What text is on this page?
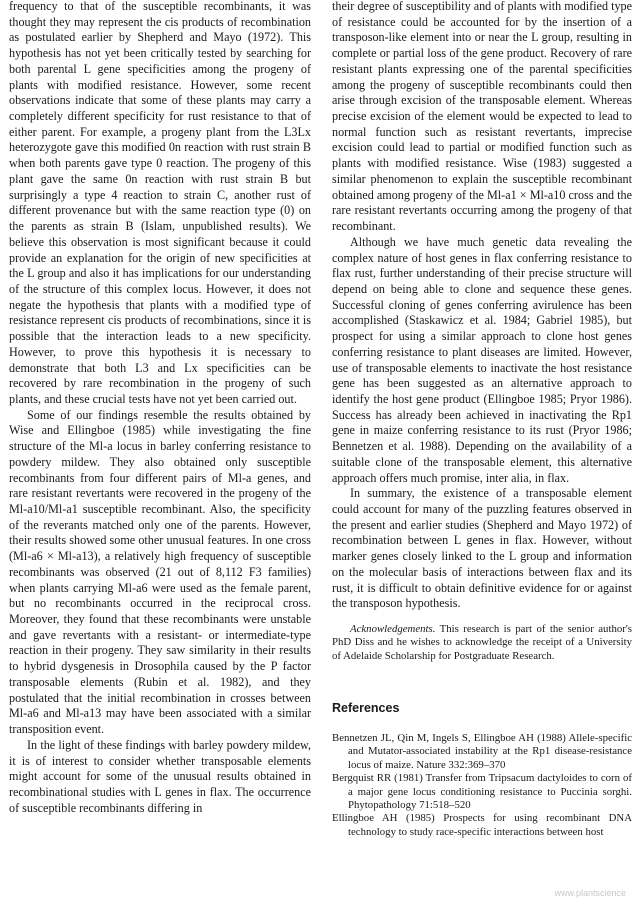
frequency to that of the susceptible recombinants, it was thought they may represent the cis products of recombination as postulated earlier by Shepherd and Mayo (1972). This hypothesis has not yet been critically tested by searching for both parental L gene specificities among the progeny of plants with modified resistance. However, some recent observations indicate that some of these plants may carry a completely different specificity for rust resistance to that of either parent. For example, a progeny plant from the L3Lx heterozygote gave this modified 0n reaction with rust strain B when both parents gave type 0 reaction. The progeny of this plant gave the same 0n reaction with rust strain B but surprisingly a type 4 reaction to strain C, another rust of different provenance but with the same reaction type (0) on the parents as strain B (Islam, unpublished results). We believe this observation is most significant because it could provide an explanation for the origin of new specificities at the L group and also it has implications for our understanding of the structure of this complex locus. However, it does not negate the hypothesis that plants with a modified type of resistance represent cis products of recombinations, since it is possible that the interaction leads to a new specificity. However, to prove this hypothesis it is necessary to demonstrate that both L3 and Lx specificities can be recovered by rare recombination in the progeny of such plants, and these crucial tests have not yet been carried out.

Some of our findings resemble the results obtained by Wise and Ellingboe (1985) while investigating the fine structure of the Ml-a locus in barley conferring resistance to powdery mildew. They also obtained only susceptible recombinants from four different pairs of Ml-a genes, and rare resistant revertants were recovered in the progeny of the Ml-a10/Ml-a1 susceptible recombinant. Also, the specificity of the reverants matched only one of the parents. However, their results showed some other unusual features. In one cross (Ml-a6 × Ml-a13), a relatively high frequency of susceptible recombinants was observed (21 out of 8,112 F3 families) when plants carrying Ml-a6 were used as the female parent, but no recombinants occurred in the reciprocal cross. Moreover, they found that these recombinants were unstable and gave revertants with a resistant- or intermediate-type reaction in their progeny. They saw similarity in their results to hybrid dysgenesis in Drosophila caused by the P factor transposable elements (Rubin et al. 1982), and they postulated that the initial recombination in crosses between Ml-a6 and Ml-a13 may have been associated with a similar transposition event.

In the light of these findings with barley powdery mildew, it is of interest to consider whether transposable elements might account for some of the unusual results obtained in recombinational studies with L genes in flax. The occurrence of susceptible recombinants differing in

their degree of susceptibility and of plants with modified type of resistance could be accounted for by the insertion of a transposon-like element into or near the L group, resulting in complete or partial loss of the gene product. Recovery of rare resistant plants expressing one of the parental specificities among the progeny of susceptible recombinants could then arise through excision of the transposable element. Whereas precise excision of the element would be expected to lead to normal function such as resistant revertants, imprecise excision could lead to partial or modified function such as plants with modified resistance. Wise (1983) suggested a similar phenomenon to explain the susceptible recombinant obtained among progeny of the Ml-a1 × Ml-a10 cross and the rare resistant revertants occurring among the progeny of that recombinant.

Although we have much genetic data revealing the complex nature of host genes in flax conferring resistance to flax rust, further understanding of their precise structure will depend on being able to clone and sequence these genes. Successful cloning of genes conferring avirulence has been accomplished (Staskawicz et al. 1984; Gabriel 1985), but prospect for using a similar approach to clone host genes conferring resistance to plant diseases are limited. However, use of transposable elements to inactivate the host resistance gene has been suggested as an alternative approach to identify the host gene product (Ellingboe 1985; Pryor 1986). Success has already been achieved in inactivating the Rp1 gene in maize conferring resistance to its rust (Pryor 1986; Bennetzen et al. 1988). Depending on the availability of a suitable clone of the transposable element, this alternative approach offers much promise, inter alia, in flax.

In summary, the existence of a transposable element could account for many of the puzzling features observed in the present and earlier studies (Shepherd and Mayo 1972) of recombination between L genes in flax. However, without marker genes closely linked to the L group and information on the molecular basis of interactions between flax and its rust, it is difficult to obtain definitive evidence for or against the transposon hypothesis.

Acknowledgements. This research is part of the senior author's PhD Diss and he wishes to acknowledge the receipt of a University of Adelaide Scholarship for Postgraduate Research.

References

Bennetzen JL, Qin M, Ingels S, Ellingboe AH (1988) Allele-specific and Mutator-associated instability at the Rp1 disease-resistance locus of maize. Nature 332:369–370

Bergquist RR (1981) Transfer from Tripsacum dactyloides to corn of a major gene locus conditioning resistance to Puccinia sorghi. Phytopathology 71:518–520

Ellingboe AH (1985) Prospects for using recombinant DNA technology to study race-specific interactions between host

www.plantscience
